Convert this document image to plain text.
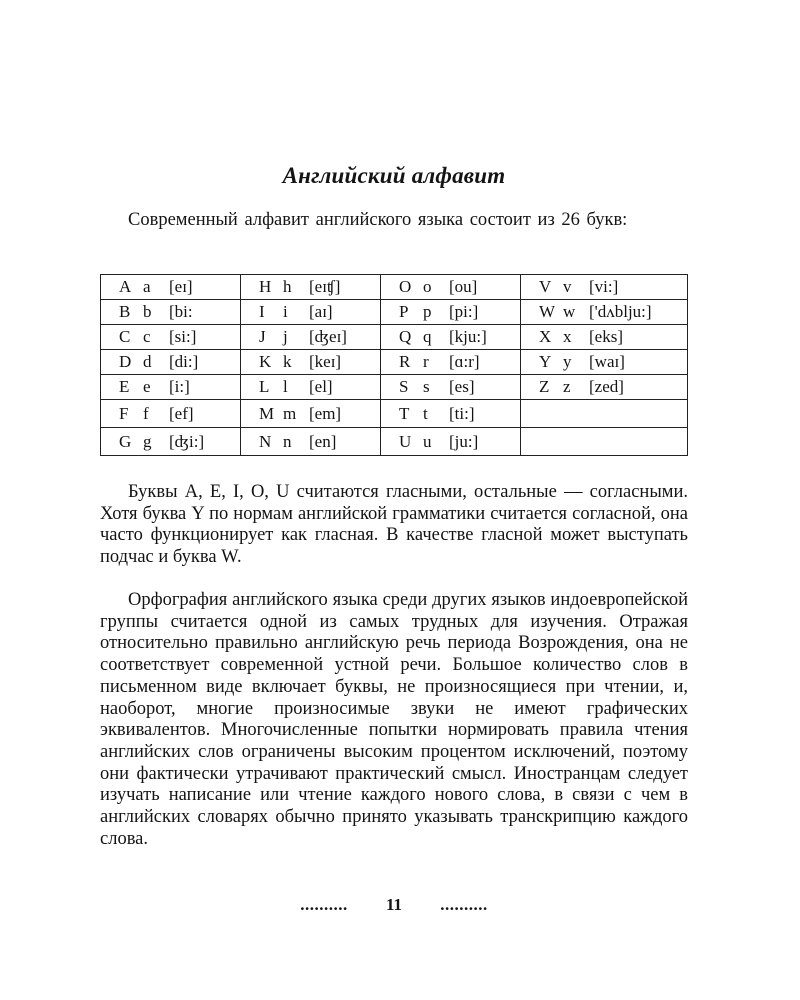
Английский алфавит

Современный алфавит английского языка состоит из 26 букв:

A a [eɪ]	H h [eɪʧ]	O o [ou]	V v [vi:]

B b [bi:	I i [aɪ]	P p [pi:]	W w ['dʌblju:]

C c [si:]	J j [ʤeɪ]	Q q [kju:]	X x [eks]

D d [di:]	K k [keɪ]	R r [ɑ:r]	Y y [waɪ]

E e [i:]	L l [el]	S s [es]	Z z [zed]

F f [ef]	M m [em]	T t [ti:]	

G g [ʤi:]	N n [en]	U u [ju:]	

Буквы A, E, I, O, U считаются гласными, остальные — согласными. Хотя буква Y по нормам английской грамматики считается согласной, она часто функционирует как гласная. В качестве гласной может выступать подчас и буква W.

Орфография английского языка среди других языков индоевропейской группы считается одной из самых трудных для изучения. Отражая относительно правильно английскую речь периода Возрождения, она не соответствует современной устной речи. Большое количество слов в письменном виде включает буквы, не произносящиеся при чтении, и, наоборот, многие произносимые звуки не имеют графических эквивалентов. Многочисленные попытки нормировать правила чтения английских слов ограничены высоким процентом исключений, поэтому они фактически утрачивают практический смысл. Иностранцам следует изучать написание или чтение каждого нового слова, в связи с чем в английских словарях обычно принято указывать транскрипцию каждого слова.

.......... 11 ..........
